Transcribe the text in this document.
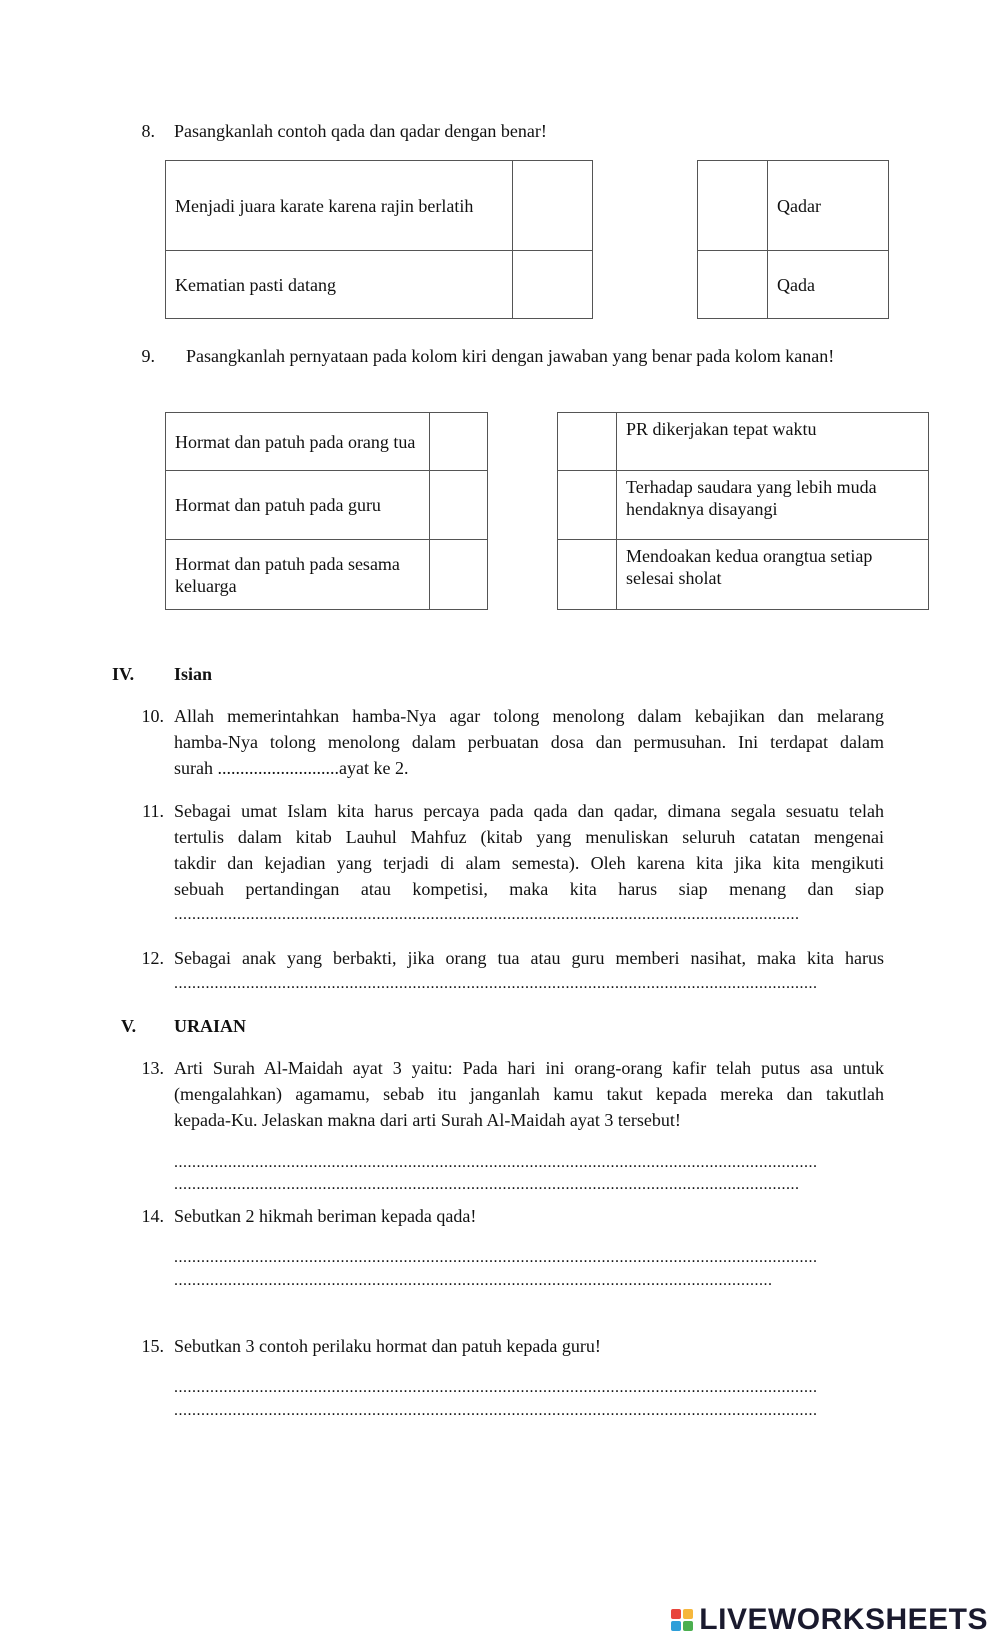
8. Pasangkanlah contoh qada dan qadar dengan benar!
Menjadi juara karate karena rajin berlatih	
Kematian pasti datang	
	Qadar
	Qada
9. Pasangkanlah pernyataan pada kolom kiri dengan jawaban yang benar pada kolom kanan!
Hormat dan patuh pada orang tua	
Hormat dan patuh pada guru	
Hormat dan patuh pada sesama keluarga	
	PR dikerjakan tepat waktu
	Terhadap saudara yang lebih muda hendaknya disayangi
	Mendoakan kedua orangtua setiap selesai sholat
IV. Isian
10. Allah memerintahkan hamba-Nya agar tolong menolong dalam kebajikan dan melarang
hamba-Nya tolong menolong dalam perbuatan dosa dan permusuhan. Ini terdapat dalam
surah ...........................ayat ke 2.
11. Sebagai umat Islam kita harus percaya pada qada dan qadar, dimana segala sesuatu telah
tertulis dalam kitab Lauhul Mahfuz (kitab yang menuliskan seluruh catatan mengenai
takdir dan kejadian yang terjadi di alam semesta). Oleh karena kita jika kita mengikuti
sebuah pertandingan atau kompetisi, maka kita harus siap menang dan siap
...........................................................................................................................................
12. Sebagai anak yang berbakti, jika orang tua atau guru memberi nasihat, maka kita harus
...............................................................................................................................................
V. URAIAN
13. Arti Surah Al-Maidah ayat 3 yaitu: Pada hari ini orang-orang kafir telah putus asa untuk
(mengalahkan) agamamu, sebab itu janganlah kamu takut kepada mereka dan takutlah
kepada-Ku. Jelaskan makna dari arti Surah Al-Maidah ayat 3 tersebut!
...............................................................................................................................................
...........................................................................................................................................
14. Sebutkan 2 hikmah beriman kepada qada!
...............................................................................................................................................
.....................................................................................................................................
15. Sebutkan 3 contoh perilaku hormat dan patuh kepada guru!
...............................................................................................................................................
...............................................................................................................................................
LIVEWORKSHEETS
